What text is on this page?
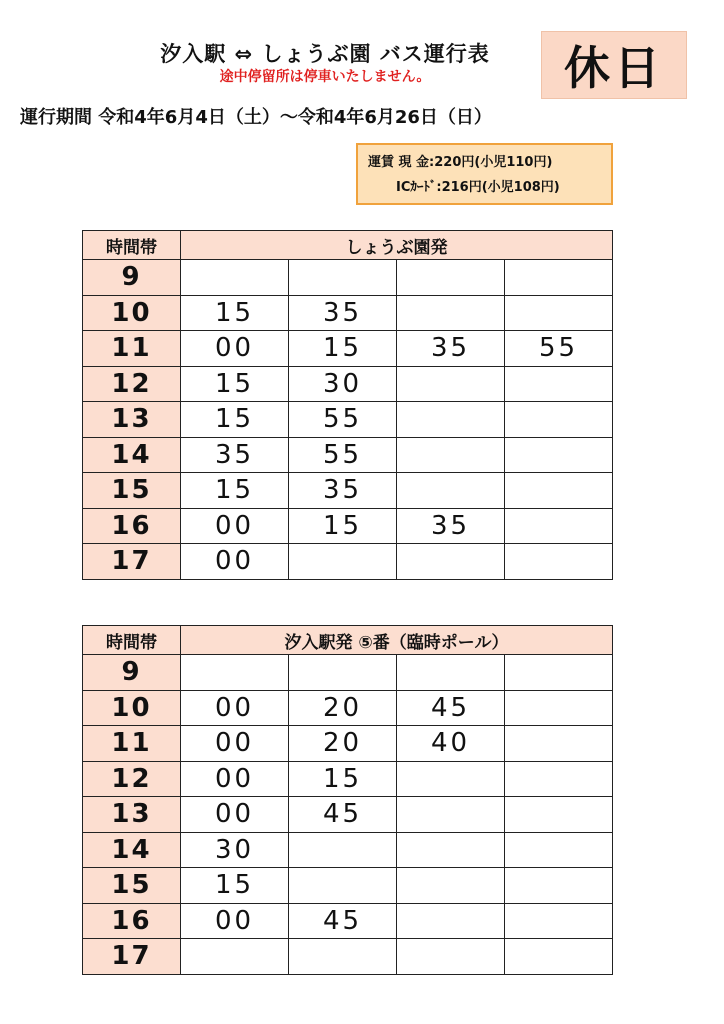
汐入駅 ⇔ しょうぶ園 バス運行表
途中停留所は停車いたしません。	休日
運行期間 令和4年6月4日（土）～令和4年6月26日（日）
運賃 現 金:220円(小児110円)
ICｶｰﾄﾞ:216円(小児108円)
時間帯	しょうぶ園発			
9				
10	15	35		
11	00	15	35	55
12	15	30		
13	15	55		
14	35	55		
15	15	35		
16	00	15	35	
17	00			
時間帯	汐入駅発 ⑤番（臨時ポール）			
9				
10	00	20	45	
11	00	20	40	
12	00	15		
13	00	45		
14	30			
15	15			
16	00	45		
17				
